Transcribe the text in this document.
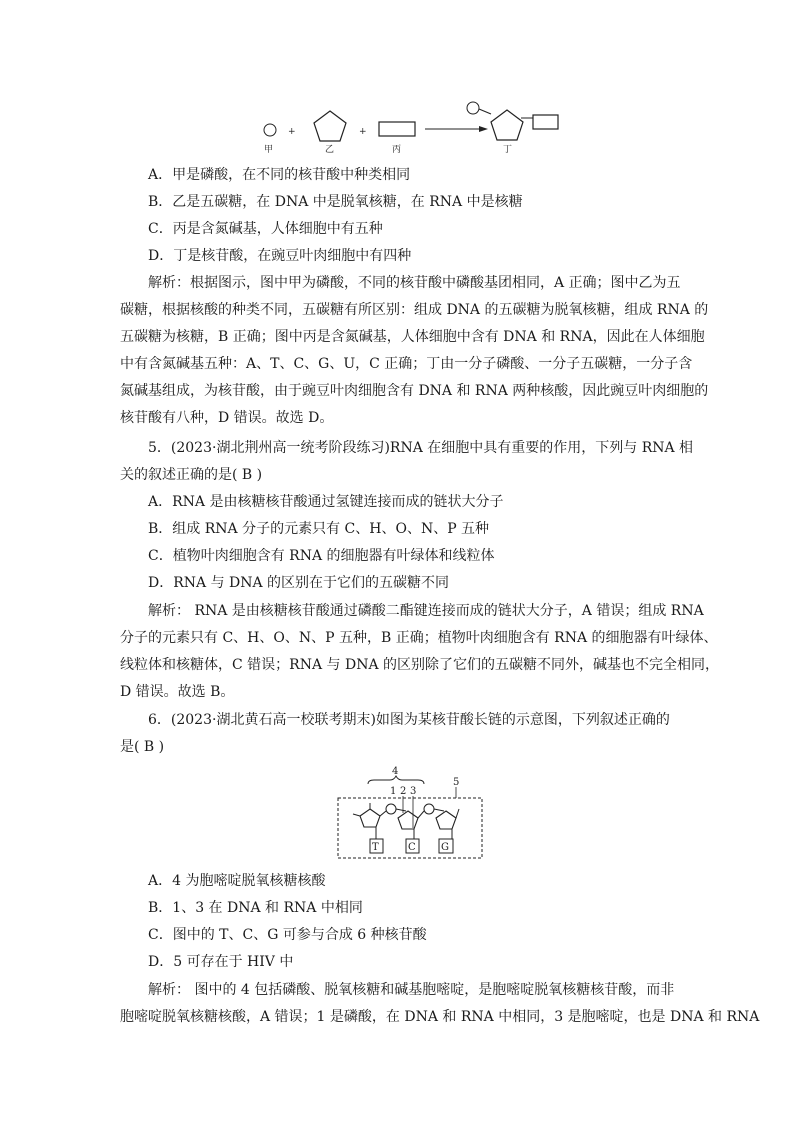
+	+
甲	乙	丙	丁
A．甲是磷酸，在不同的核苷酸中种类相同
B．乙是五碳糖，在 DNA 中是脱氧核糖，在 RNA 中是核糖
C．丙是含氮碱基，人体细胞中有五种
D．丁是核苷酸，在豌豆叶肉细胞中有四种
解析：根据图示，图中甲为磷酸，不同的核苷酸中磷酸基团相同，A 正确；图中乙为五
碳糖，根据核酸的种类不同，五碳糖有所区别：组成 DNA 的五碳糖为脱氧核糖，组成 RNA 的
五碳糖为核糖，B 正确；图中丙是含氮碱基，人体细胞中含有 DNA 和 RNA，因此在人体细胞
中有含氮碱基五种：A、T、C、G、U，C 正确；丁由一分子磷酸、一分子五碳糖，一分子含
氮碱基组成，为核苷酸，由于豌豆叶肉细胞含有 DNA 和 RNA 两种核酸，因此豌豆叶肉细胞的
核苷酸有八种，D 错误。故选 D。
5．(2023·湖北荆州高一统考阶段练习)RNA 在细胞中具有重要的作用，下列与 RNA 相
关的叙述正确的是( B )
A．RNA 是由核糖核苷酸通过氢键连接而成的链状大分子
B．组成 RNA 分子的元素只有 C、H、O、N、P 五种
C．植物叶肉细胞含有 RNA 的细胞器有叶绿体和线粒体
D．RNA 与 DNA 的区别在于它们的五碳糖不同
解析： RNA 是由核糖核苷酸通过磷酸二酯键连接而成的链状大分子，A 错误；组成 RNA
分子的元素只有 C、H、O、N、P 五种，B 正确；植物叶肉细胞含有 RNA 的细胞器有叶绿体、
线粒体和核糖体，C 错误；RNA 与 DNA 的区别除了它们的五碳糖不同外，碱基也不完全相同，
D 错误。故选 B。
6．(2023·湖北黄石高一校联考期末)如图为某核苷酸长链的示意图，下列叙述正确的
是( B )
4
5
2 3
1
T	C	G
A．4 为胞嘧啶脱氧核糖核酸
B．1、3 在 DNA 和 RNA 中相同
C．图中的 T、C、G 可参与合成 6 种核苷酸
D．5 可存在于 HIV 中
解析： 图中的 4 包括磷酸、脱氧核糖和碱基胞嘧啶，是胞嘧啶脱氧核糖核苷酸，而非
胞嘧啶脱氧核糖核酸，A 错误；1 是磷酸，在 DNA 和 RNA 中相同，3 是胞嘧啶，也是 DNA 和 RNA
